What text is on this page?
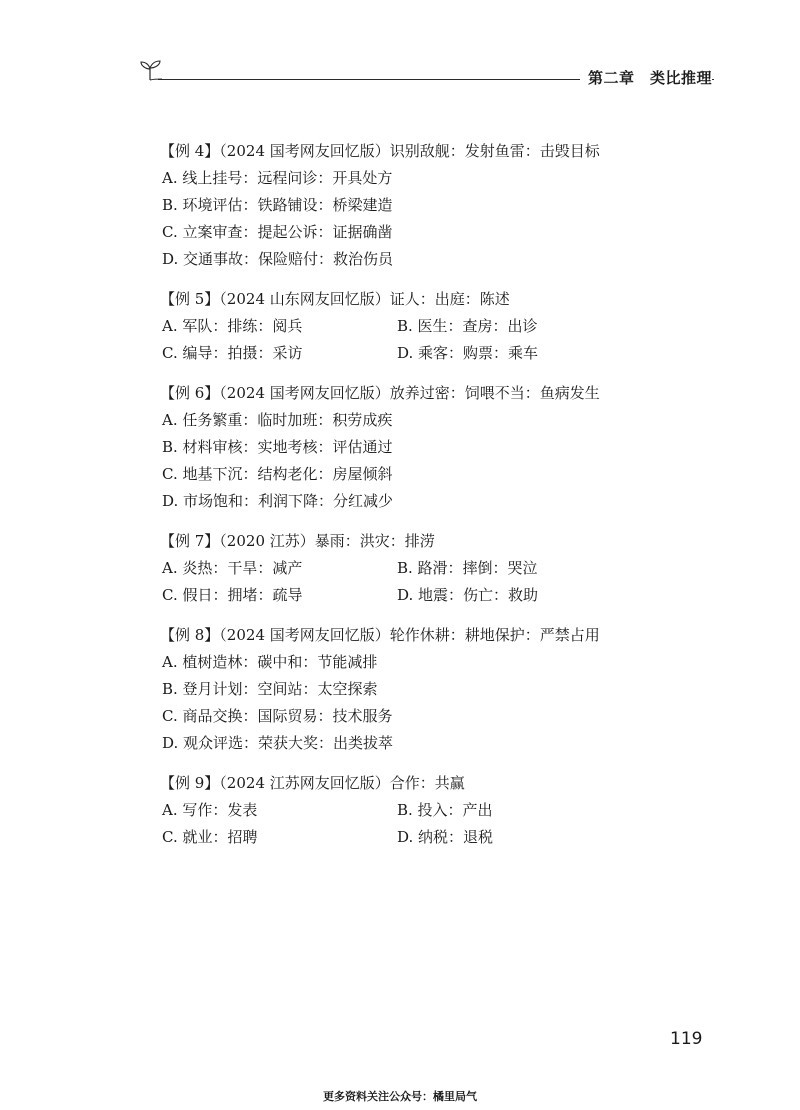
第二章　类比推理
【例 4】（2024 国考网友回忆版）识别敌舰：发射鱼雷：击毁目标
A. 线上挂号：远程问诊：开具处方
B. 环境评估：铁路铺设：桥梁建造
C. 立案审查：提起公诉：证据确凿
D. 交通事故：保险赔付：救治伤员
【例 5】（2024 山东网友回忆版）证人：出庭：陈述
A. 军队：排练：阅兵	B. 医生：查房：出诊
C. 编导：拍摄：采访	D. 乘客：购票：乘车
【例 6】（2024 国考网友回忆版）放养过密：饲喂不当：鱼病发生
A. 任务繁重：临时加班：积劳成疾
B. 材料审核：实地考核：评估通过
C. 地基下沉：结构老化：房屋倾斜
D. 市场饱和：利润下降：分红减少
【例 7】（2020 江苏）暴雨：洪灾：排涝
A. 炎热：干旱：减产	B. 路滑：摔倒：哭泣
C. 假日：拥堵：疏导	D. 地震：伤亡：救助
【例 8】（2024 国考网友回忆版）轮作休耕：耕地保护：严禁占用
A. 植树造林：碳中和：节能减排
B. 登月计划：空间站：太空探索
C. 商品交换：国际贸易：技术服务
D. 观众评选：荣获大奖：出类拔萃
【例 9】（2024 江苏网友回忆版）合作：共赢
A. 写作：发表	B. 投入：产出
C. 就业：招聘	D. 纳税：退税
119
更多资料关注公众号：橘里局气
